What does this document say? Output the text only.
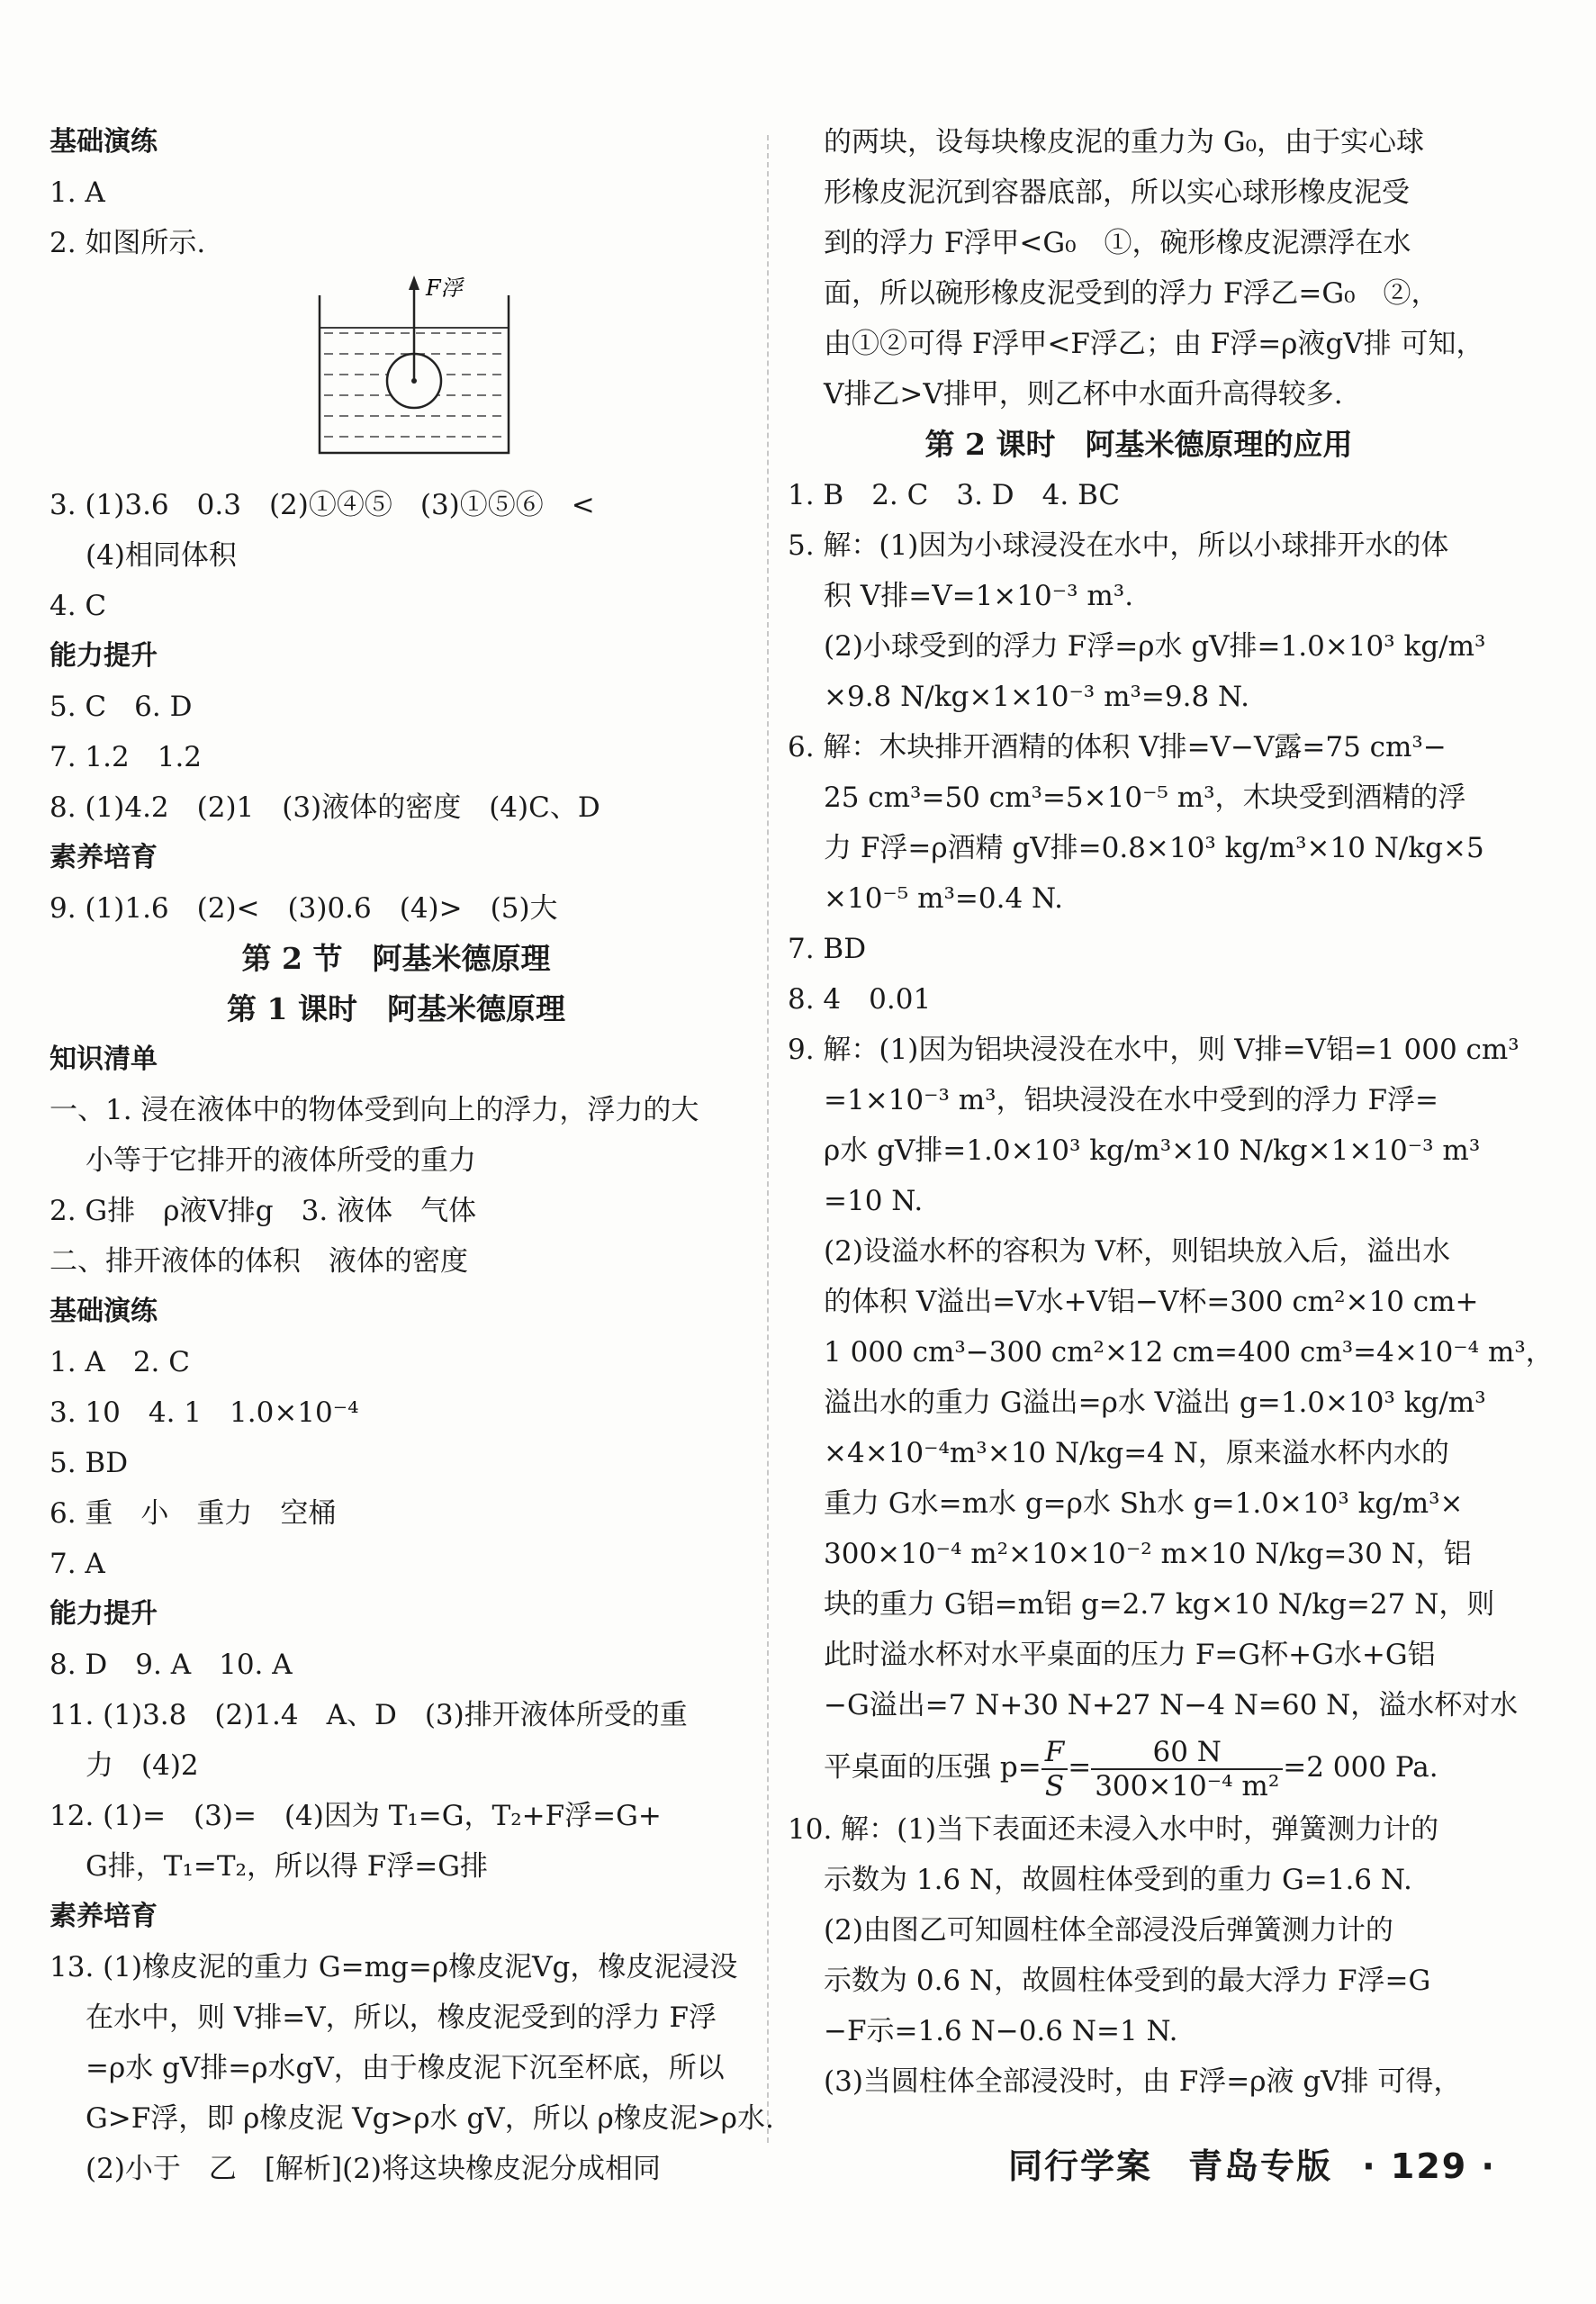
基础演练
1. A
2. 如图所示.
F浮
3. (1)3.6　0.3　(2)①④⑤　(3)①⑤⑥　<
(4)相同体积
4. C
能力提升
5. C　6. D
7. 1.2　1.2
8. (1)4.2　(2)1　(3)液体的密度　(4)C、D
素养培育
9. (1)1.6　(2)<　(3)0.6　(4)>　(5)大
第 2 节　阿基米德原理
第 1 课时　阿基米德原理
知识清单
一、1. 浸在液体中的物体受到向上的浮力，浮力的大
小等于它排开的液体所受的重力
2. G排　ρ液V排g　3. 液体　气体
二、排开液体的体积　液体的密度
基础演练
1. A　2. C
3. 10　4. 1　1.0×10⁻⁴
5. BD
6. 重　小　重力　空桶
7. A
能力提升
8. D　9. A　10. A
11. (1)3.8　(2)1.4　A、D　(3)排开液体所受的重
力　(4)2
12. (1)=　(3)=　(4)因为 T₁=G，T₂+F浮=G+
G排，T₁=T₂，所以得 F浮=G排
素养培育
13. (1)橡皮泥的重力 G=mg=ρ橡皮泥Vg，橡皮泥浸没
在水中，则 V排=V，所以，橡皮泥受到的浮力 F浮
=ρ水 gV排=ρ水gV，由于橡皮泥下沉至杯底，所以
G>F浮，即 ρ橡皮泥 Vg>ρ水 gV，所以 ρ橡皮泥>ρ水.
(2)小于　乙　[解析](2)将这块橡皮泥分成相同
的两块，设每块橡皮泥的重力为 G₀，由于实心球
形橡皮泥沉到容器底部，所以实心球形橡皮泥受
到的浮力 F浮甲<G₀　①，碗形橡皮泥漂浮在水
面，所以碗形橡皮泥受到的浮力 F浮乙=G₀　②，
由①②可得 F浮甲<F浮乙；由 F浮=ρ液gV排 可知，
V排乙>V排甲，则乙杯中水面升高得较多.
第 2 课时　阿基米德原理的应用
1. B　2. C　3. D　4. BC
5. 解：(1)因为小球浸没在水中，所以小球排开水的体
积 V排=V=1×10⁻³ m³.
(2)小球受到的浮力 F浮=ρ水 gV排=1.0×10³ kg/m³
×9.8 N/kg×1×10⁻³ m³=9.8 N.
6. 解：木块排开酒精的体积 V排=V−V露=75 cm³−
25 cm³=50 cm³=5×10⁻⁵ m³，木块受到酒精的浮
力 F浮=ρ酒精 gV排=0.8×10³ kg/m³×10 N/kg×5
×10⁻⁵ m³=0.4 N.
7. BD
8. 4　0.01
9. 解：(1)因为铝块浸没在水中，则 V排=V铝=1 000 cm³
=1×10⁻³ m³，铝块浸没在水中受到的浮力 F浮=
ρ水 gV排=1.0×10³ kg/m³×10 N/kg×1×10⁻³ m³
=10 N.
(2)设溢水杯的容积为 V杯，则铝块放入后，溢出水
的体积 V溢出=V水+V铝−V杯=300 cm²×10 cm+
1 000 cm³−300 cm²×12 cm=400 cm³=4×10⁻⁴ m³，
溢出水的重力 G溢出=ρ水 V溢出 g=1.0×10³ kg/m³
×4×10⁻⁴m³×10 N/kg=4 N，原来溢水杯内水的
重力 G水=m水 g=ρ水 Sh水 g=1.0×10³ kg/m³×
300×10⁻⁴ m²×10×10⁻² m×10 N/kg=30 N，铝
块的重力 G铝=m铝 g=2.7 kg×10 N/kg=27 N，则
此时溢水杯对水平桌面的压力 F=G杯+G水+G铝
−G溢出=7 N+30 N+27 N−4 N=60 N，溢水杯对水
平桌面的压强 $p= \frac{F}{S} = \frac{60 N}{\text{300×10⁻⁴ m²}} =2$ 000 Pa.
10. 解：(1)当下表面还未浸入水中时，弹簧测力计的
示数为 1.6 N，故圆柱体受到的重力 G=1.6 N.
(2)由图乙可知圆柱体全部浸没后弹簧测力计的
示数为 0.6 N，故圆柱体受到的最大浮力 F浮=G
−F示=1.6 N−0.6 N=1 N.
(3)当圆柱体全部浸没时，由 F浮=ρ液 gV排 可得，
同行学案　青岛专版 · 129 ·
